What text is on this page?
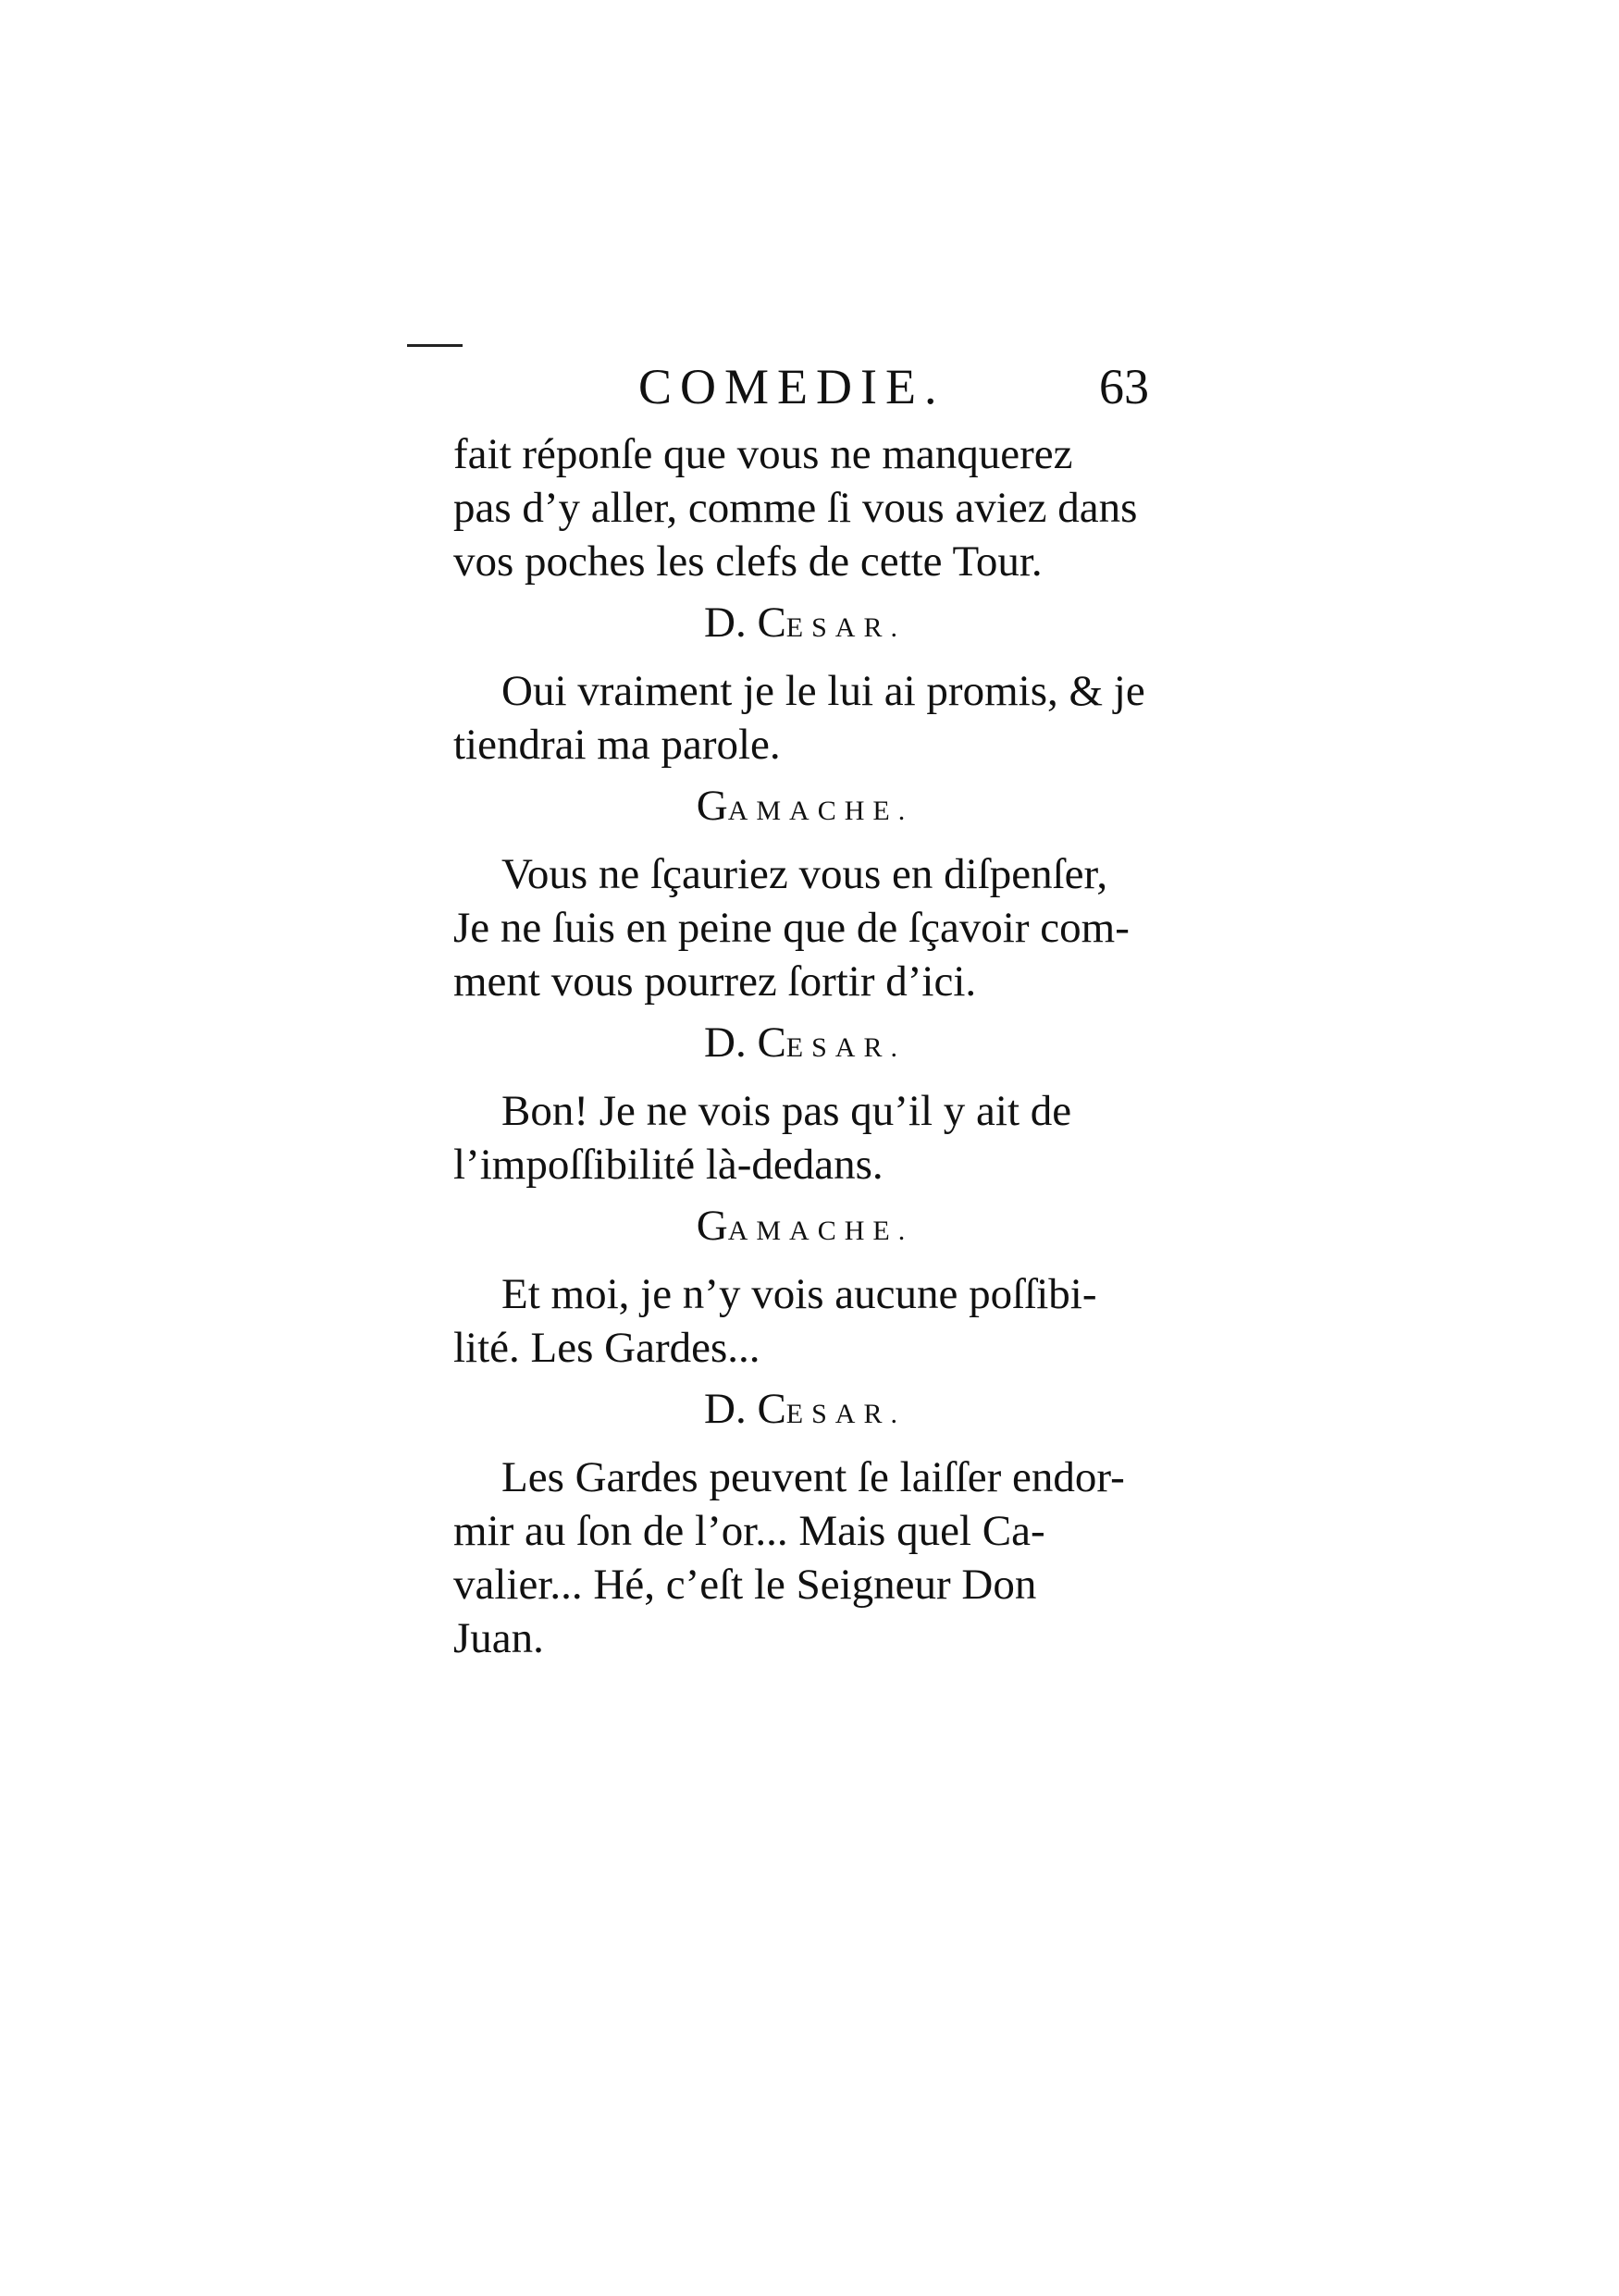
COMEDIE.	63

fait réponſe que vous ne manquerez
pas d’y aller, comme ſi vous aviez dans
vos poches les clefs de cette Tour.

D. CESAR.

Oui vraiment je le lui ai promis, & je
tiendrai ma parole.

GAMACHE.

Vous ne ſçauriez vous en diſpenſer,
Je ne ſuis en peine que de ſçavoir com-
ment vous pourrez ſortir d’ici.

D. CESAR.

Bon! Je ne vois pas qu’il y ait de
l’impoſſibilité là-dedans.

GAMACHE.

Et moi, je n’y vois aucune poſſibi-
lité. Les Gardes...

D. CESAR.

Les Gardes peuvent ſe laiſſer endor-
mir au ſon de l’or... Mais quel Ca-
valier... Hé, c’eſt le Seigneur Don
Juan.
